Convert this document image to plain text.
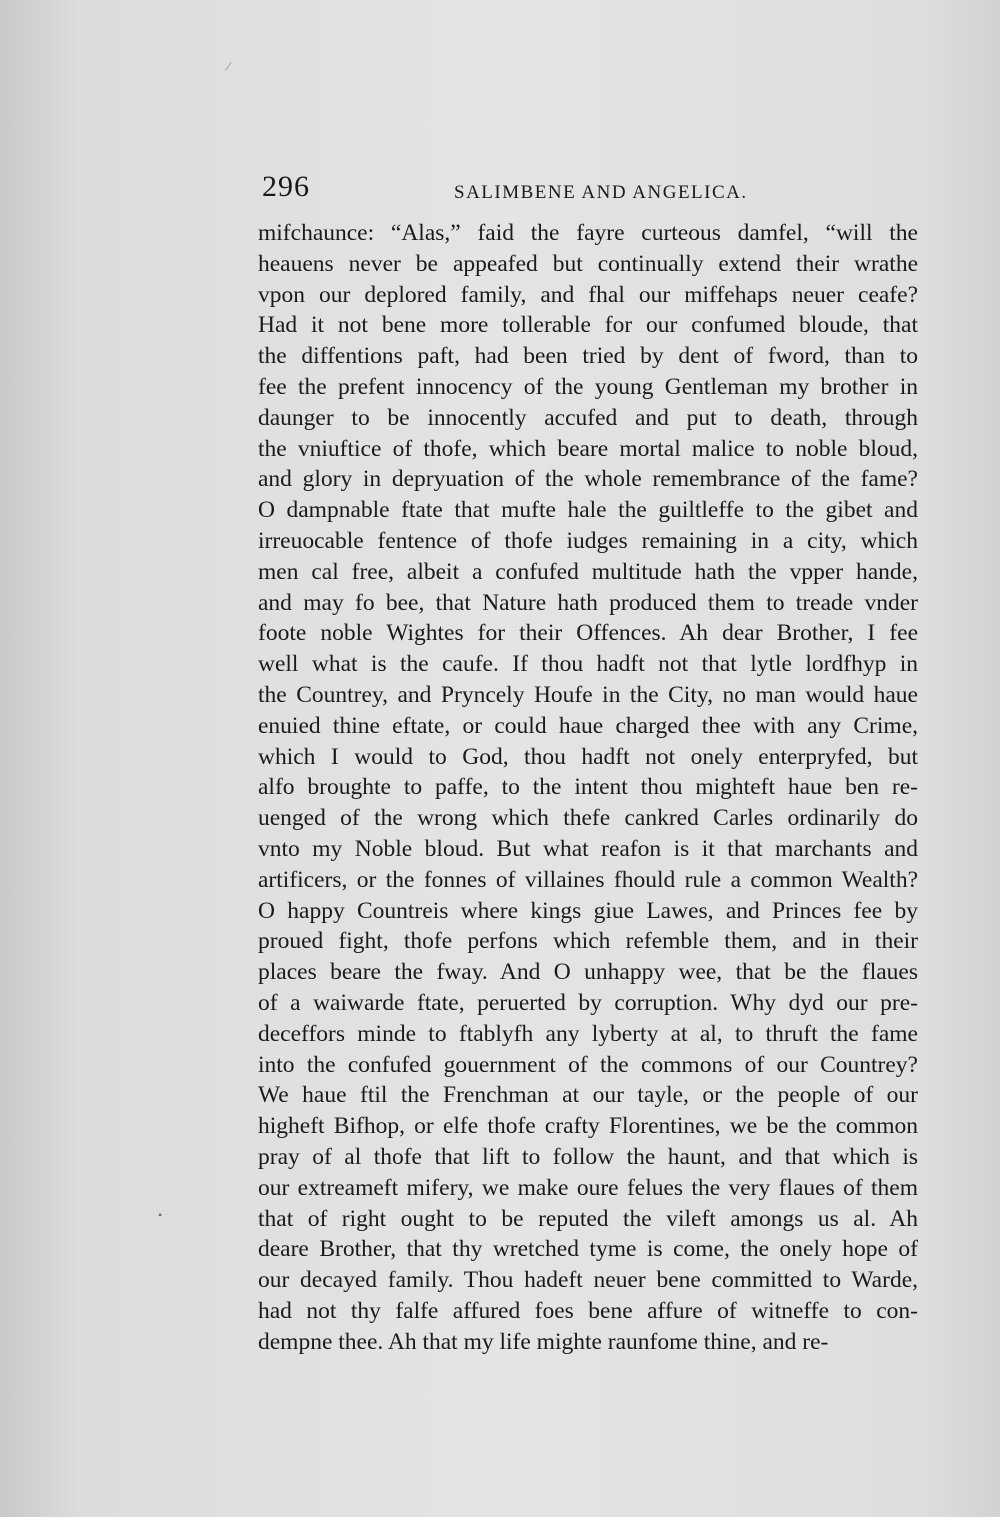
/
296	SALIMBENE AND ANGELICA.
mifchaunce: “Alas,” faid the fayre curteous damfel, “will the
heauens never be appeafed but continually extend their wrathe
vpon our deplored family, and fhal our miffehaps neuer ceafe?
Had it not bene more tollerable for our confumed bloude, that
the diffentions paft, had been tried by dent of fword, than to
fee the prefent innocency of the young Gentleman my brother in
daunger to be innocently accufed and put to death, through
the vniuftice of thofe, which beare mortal malice to noble bloud,
and glory in depryuation of the whole remembrance of the fame?
O dampnable ftate that mufte hale the guiltleffe to the gibet and
irreuocable fentence of thofe iudges remaining in a city, which
men cal free, albeit a confufed multitude hath the vpper hande,
and may fo bee, that Nature hath produced them to treade vnder
foote noble Wightes for their Offences. Ah dear Brother, I fee
well what is the caufe. If thou hadft not that lytle lordfhyp in
the Countrey, and Pryncely Houfe in the City, no man would haue
enuied thine eftate, or could haue charged thee with any Crime,
which I would to God, thou hadft not onely enterpryfed, but
alfo broughte to paffe, to the intent thou mighteft haue ben re-
uenged of the wrong which thefe cankred Carles ordinarily do
vnto my Noble bloud. But what reafon is it that marchants and
artificers, or the fonnes of villaines fhould rule a common Wealth?
O happy Countreis where kings giue Lawes, and Princes fee by
proued fight, thofe perfons which refemble them, and in their
places beare the fway. And O unhappy wee, that be the flaues
of a waiwarde ftate, peruerted by corruption. Why dyd our pre-
deceffors minde to ftablyfh any lyberty at al, to thruft the fame
into the confufed gouernment of the commons of our Countrey?
We haue ftil the Frenchman at our tayle, or the people of our
higheft Bifhop, or elfe thofe crafty Florentines, we be the common
pray of al thofe that lift to follow the haunt, and that which is
our extreameft mifery, we make oure felues the very flaues of them
that of right ought to be reputed the vileft amongs us al. Ah
deare Brother, that thy wretched tyme is come, the onely hope of
our decayed family. Thou hadeft neuer bene committed to Warde,
had not thy falfe affured foes bene affure of witneffe to con-
dempne thee. Ah that my life mighte raunfome thine, and re-
•
